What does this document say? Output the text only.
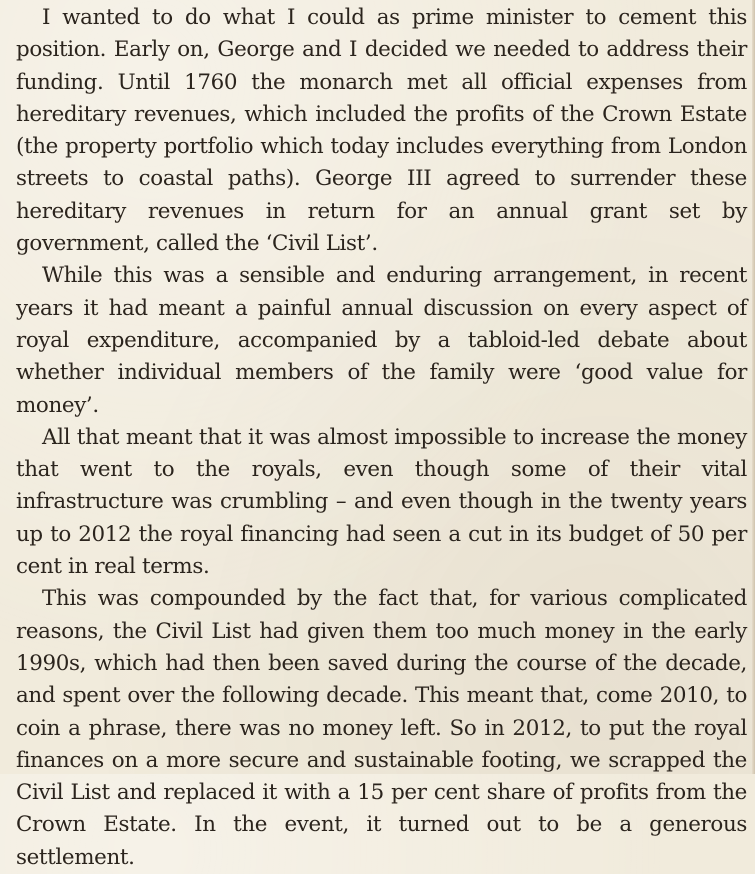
I wanted to do what I could as prime minister to cement this position. Early on, George and I decided we needed to address their funding. Until 1760 the monarch met all official expenses from hereditary revenues, which included the profits of the Crown Estate (the property portfolio which today includes everything from London streets to coastal paths). George III agreed to surrender these hereditary revenues in return for an annual grant set by government, called the ‘Civil List’.

While this was a sensible and enduring arrangement, in recent years it had meant a painful annual discussion on every aspect of royal expenditure, accompanied by a tabloid-led debate about whether individual members of the family were ‘good value for money’.

All that meant that it was almost impossible to increase the money that went to the royals, even though some of their vital infrastructure was crumbling – and even though in the twenty years up to 2012 the royal financing had seen a cut in its budget of 50 per cent in real terms.

This was compounded by the fact that, for various complicated reasons, the Civil List had given them too much money in the early 1990s, which had then been saved during the course of the decade, and spent over the following decade. This meant that, come 2010, to coin a phrase, there was no money left. So in 2012, to put the royal finances on a more secure and sustainable footing, we scrapped the Civil List and replaced it with a 15 per cent share of profits from the Crown Estate. In the event, it turned out to be a generous settlement.
